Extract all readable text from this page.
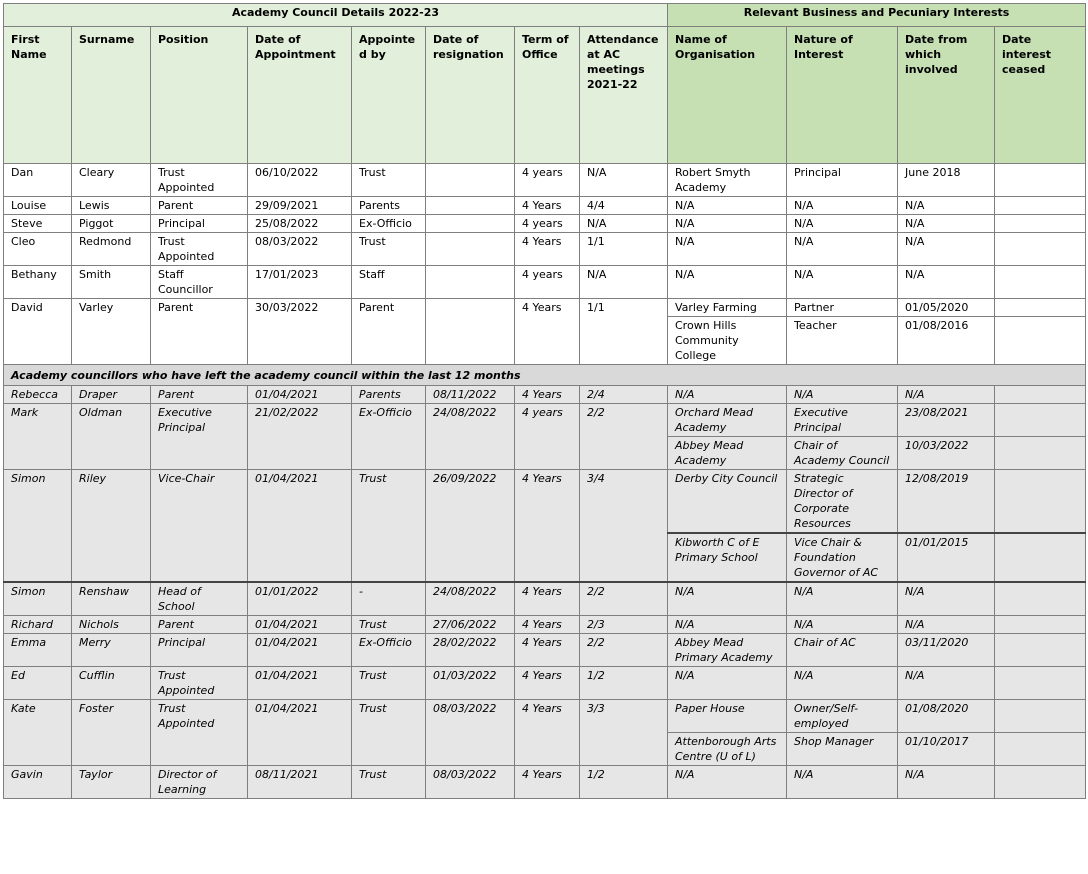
Academy Council Details 2022-23								Relevant Business and Pecuniary Interests			
First Name	Surname	Position	Date of Appointment	Appointed by	Date of resignation	Term of Office	Attendance at AC meetings 2021-22	Name of Organisation	Nature of Interest	Date from which involved	Date interest ceased
Dan	Cleary	Trust Appointed	06/10/2022	Trust		4 years	N/A	Robert Smyth Academy	Principal	June 2018	
Louise	Lewis	Parent	29/09/2021	Parents		4 Years	4/4	N/A	N/A	N/A	
Steve	Piggot	Principal	25/08/2022	Ex-Officio		4 years	N/A	N/A	N/A	N/A	
Cleo	Redmond	Trust Appointed	08/03/2022	Trust		4 Years	1/1	N/A	N/A	N/A	
Bethany	Smith	Staff Councillor	17/01/2023	Staff		4 years	N/A	N/A	N/A	N/A	
David	Varley	Parent	30/03/2022	Parent		4 Years	1/1	Varley Farming	Partner	01/05/2020	
								Crown Hills Community College	Teacher	01/08/2016	
Academy councillors who have left the academy council within the last 12 months											
Rebecca	Draper	Parent	01/04/2021	Parents	08/11/2022	4 Years	2/4	N/A	N/A	N/A	
Mark	Oldman	Executive Principal	21/02/2022	Ex-Officio	24/08/2022	4 years	2/2	Orchard Mead Academy	Executive Principal	23/08/2021	
								Abbey Mead Academy	Chair of Academy Council	10/03/2022	
Simon	Riley	Vice-Chair	01/04/2021	Trust	26/09/2022	4 Years	3/4	Derby City Council	Strategic Director of Corporate Resources	12/08/2019	
								Kibworth C of E Primary School	Vice Chair & Foundation Governor of AC	01/01/2015	
Simon	Renshaw	Head of School	01/01/2022	-	24/08/2022	4 Years	2/2	N/A	N/A	N/A	
Richard	Nichols	Parent	01/04/2021	Trust	27/06/2022	4 Years	2/3	N/A	N/A	N/A	
Emma	Merry	Principal	01/04/2021	Ex-Officio	28/02/2022	4 Years	2/2	Abbey Mead Primary Academy	Chair of AC	03/11/2020	
Ed	Cufflin	Trust Appointed	01/04/2021	Trust	01/03/2022	4 Years	1/2	N/A	N/A	N/A	
Kate	Foster	Trust Appointed	01/04/2021	Trust	08/03/2022	4 Years	3/3	Paper House	Owner/Self-employed	01/08/2020	
								Attenborough Arts Centre (U of L)	Shop Manager	01/10/2017	
Gavin	Taylor	Director of Learning	08/11/2021	Trust	08/03/2022	4 Years	1/2	N/A	N/A	N/A	
